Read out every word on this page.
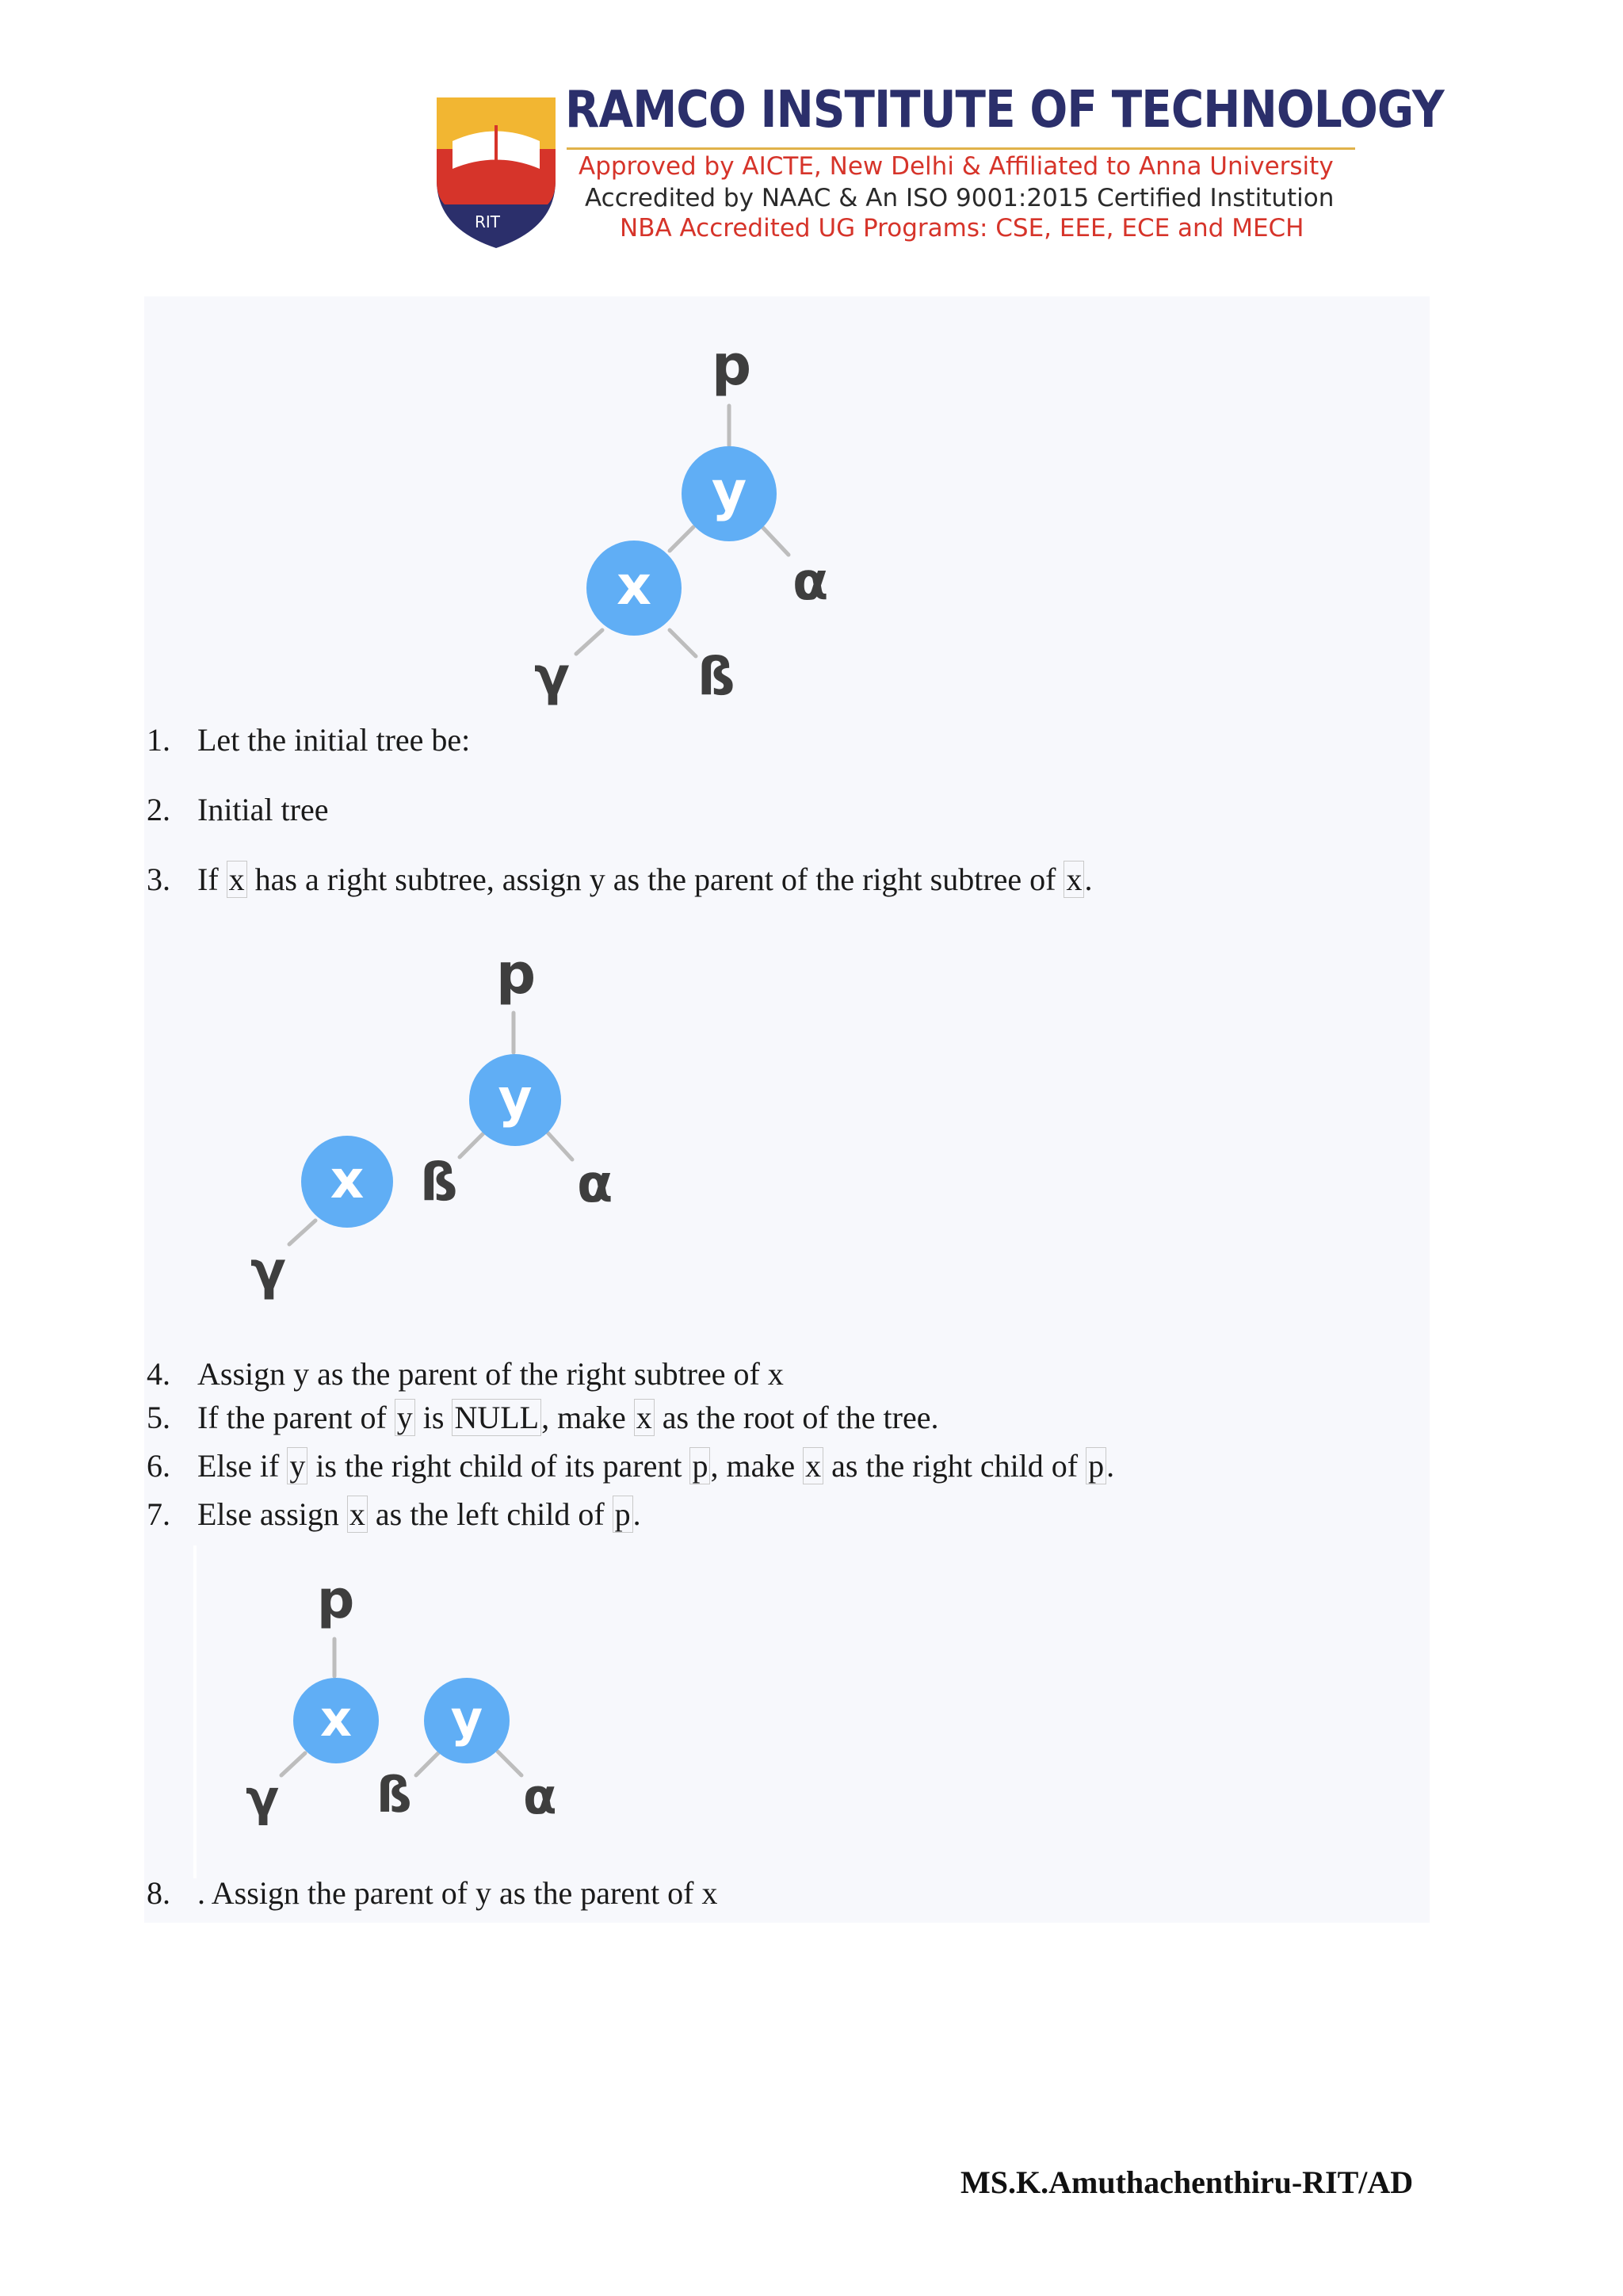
RIT
RAMCO INSTITUTE OF TECHNOLOGY
Approved by AICTE, New Delhi & Affiliated to Anna University
Accredited by NAAC & An ISO 9001:2015 Certified Institution
NBA Accredited UG Programs: CSE, EEE, ECE and MECH
p
y
α
x
γ ß
1. Let the initial tree be:
2. Initial tree
3. If x has a right subtree, assign y as the parent of the right subtree of x.
p
y
ß α
x
γ
4. Assign y as the parent of the right subtree of x
5. If the parent of y is NULL, make x as the root of the tree.
6. Else if y is the right child of its parent p, make x as the right child of p.
7. Else assign x as the left child of p.
p
x	y
γ ß α
8. . Assign the parent of y as the parent of x
MS.K.Amuthachenthiru-RIT/AD
